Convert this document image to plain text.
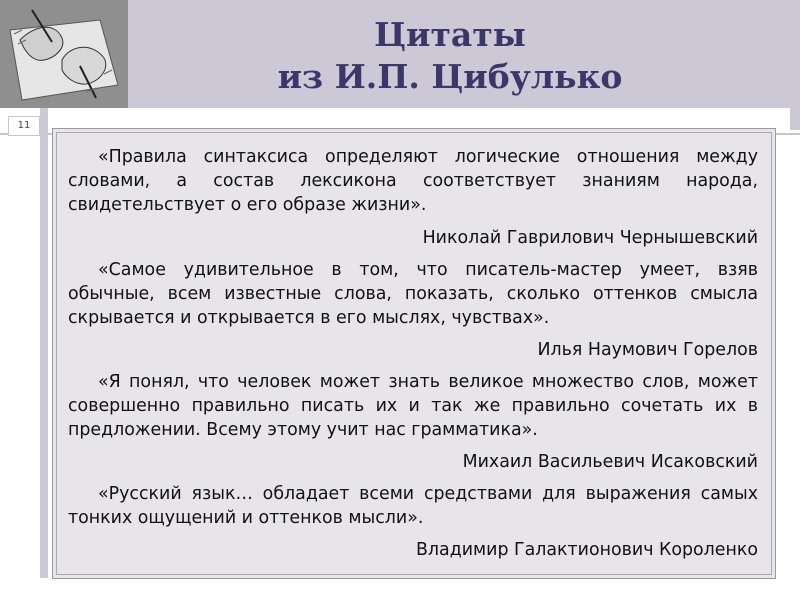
Цитаты
из И.П. Цибулько
11

«Правила синтаксиса определяют логические отношения между словами, а состав лексикона соответствует знаниям народа, свидетельствует о его образе жизни».

Николай Гаврилович Чернышевский

«Самое удивительное в том, что писатель-мастер умеет, взяв обычные, всем известные слова, показать, сколько оттенков смысла скрывается и открывается в его мыслях, чувствах».

Илья Наумович Горелов

«Я понял, что человек может знать великое множество слов, может совершенно правильно писать их и так же правильно сочетать их в предложении. Всему этому учит нас грамматика».

Михаил Васильевич Исаковский

«Русский язык… обладает всеми средствами для выражения самых тонких ощущений и оттенков мысли».

Владимир Галактионович Короленко
